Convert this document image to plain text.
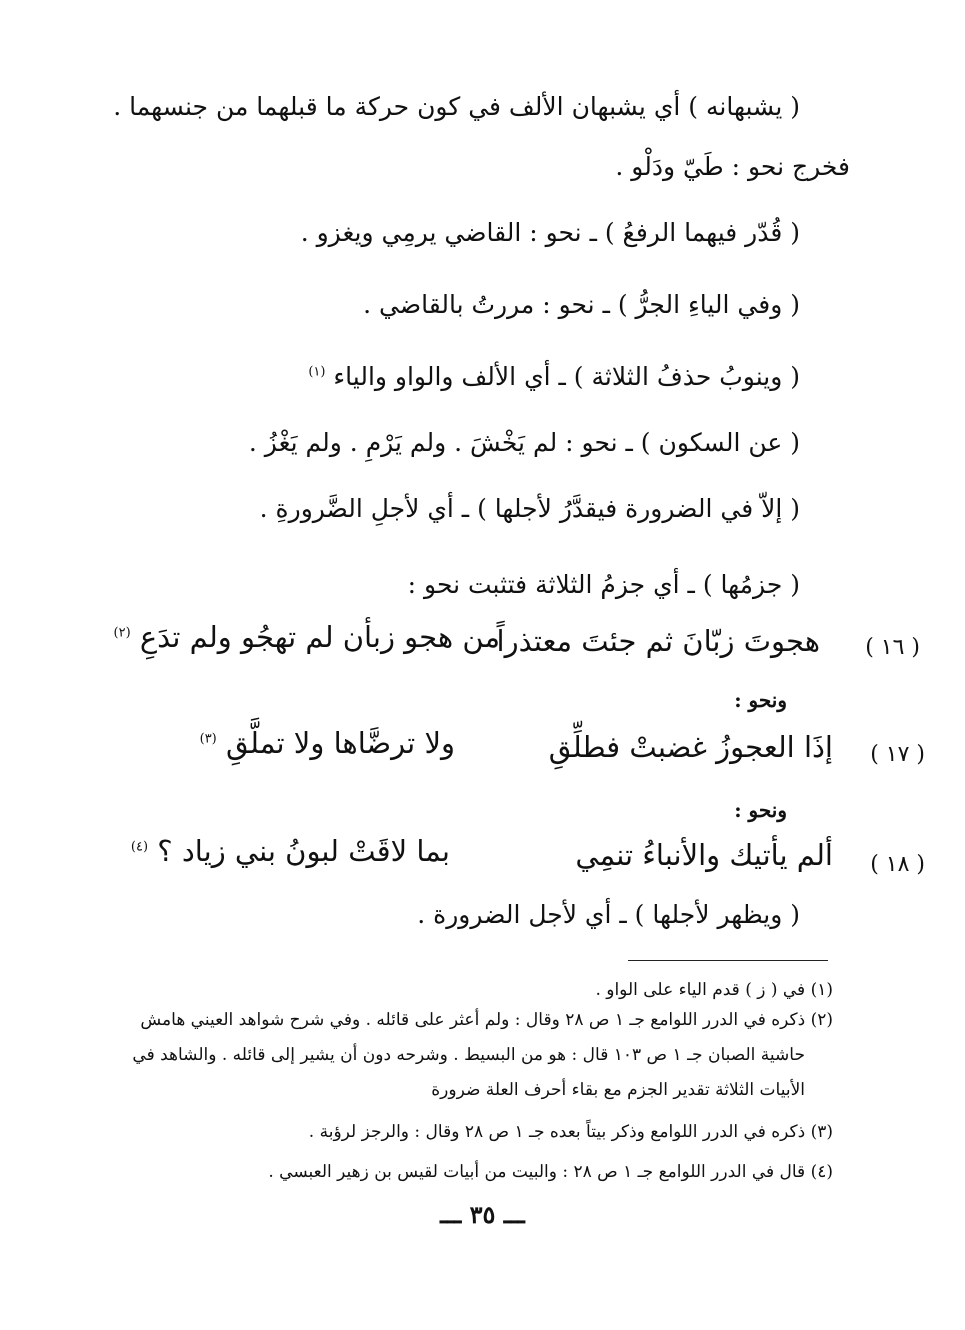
( يشبهانه ) أي يشبهان الألف في كون حركة ما قبلهما من جنسهما .
فخرج نحو : طَيّ ودَلْو .
( قُدّر فيهما الرفعُ ) ـ نحو : القاضي يرمِي ويغزو .
( وفي الياءِ الجرُّ ) ـ نحو : مررتُ بالقاضي .
( وينوبُ حذفُ الثلاثة ) ـ أي الألف والواو والياء $^{(١)}$
( عن السكون ) ـ نحو : لم يَخْشَ . ولم يَرْمِ . ولم يَغْزُ .
( إلاّ في الضرورة فيقدَّرُ لأجلها ) ـ أي لأجلِ الضَّرورةِ .
( جزمُها ) ـ أي جزمُ الثلاثة فتثبت نحو :
( ١٦ )
هجوتَ زبّانَ ثم جئتَ معتذراً
من هجو زبأن لم تهجُو ولم تدَعِ $^{(٢)}$
ونحو :
( ١٧ )
إذَا العجوزُ غضبتْ فطلِّقِ
ولا ترضَّاها ولا تملَّقِ $^{(٣)}$
ونحو :
( ١٨ )
ألم يأتيك والأنباءُ تنمِي
بما لاقَتْ لبونُ بني زياد ؟ $^{(٤)}$
( ويظهر لأجلها ) ـ أي لأجل الضرورة .
(١) في ( ز ) قدم الياء على الواو .
(٢) ذكره في الدرر اللوامع جـ ١ ص ٢٨ وقال : ولم أعثر على قائله . وفي شرح شواهد العيني هامش
حاشية الصبان جـ ١ ص ١٠٣ قال : هو من البسيط . وشرحه دون أن يشير إلى قائله . والشاهد في
الأبيات الثلاثة تقدير الجزم مع بقاء أحرف العلة ضرورة
(٣) ذكره في الدرر اللوامع وذكر بيتاً بعده جـ ١ ص ٢٨ وقال : والرجز لرؤبة .
(٤) قال في الدرر اللوامع جـ ١ ص ٢٨ : والبيت من أبيات لقيس بن زهير العبسي .
ـــ ٣٥ ـــ
